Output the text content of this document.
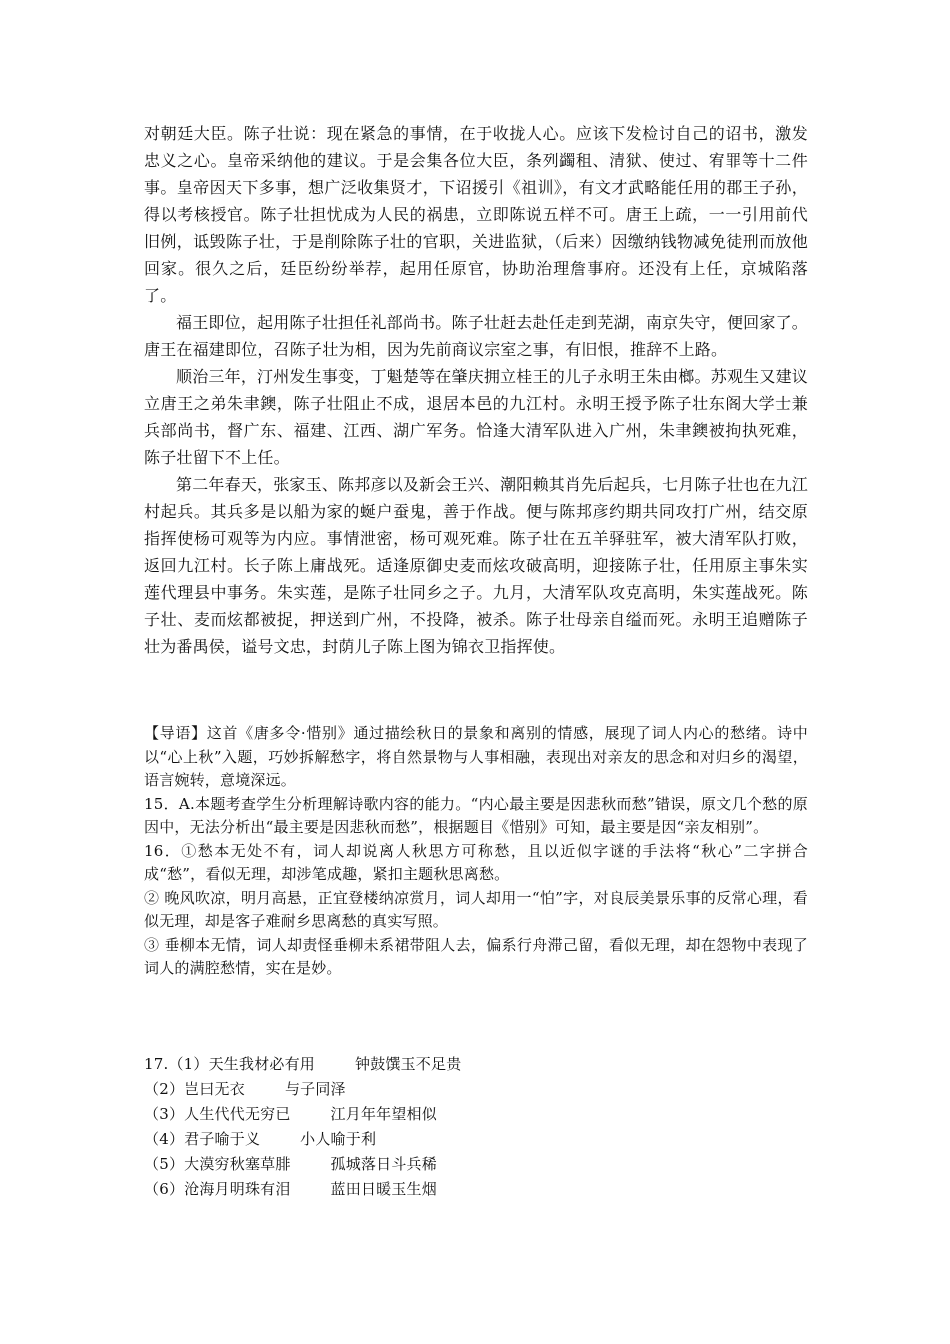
对朝廷大臣。陈子壮说：现在紧急的事情，在于收拢人心。应该下发检讨自己的诏书，激发忠义之心。皇帝采纳他的建议。于是会集各位大臣，条列蠲租、清狱、使过、宥罪等十二件事。皇帝因天下多事，想广泛收集贤才，下诏援引《祖训》，有文才武略能任用的郡王子孙，得以考核授官。陈子壮担忧成为人民的祸患，立即陈说五样不可。唐王上疏，一一引用前代旧例，诋毁陈子壮，于是削除陈子壮的官职，关进监狱，（后来）因缴纳钱物减免徒刑而放他回家。很久之后，廷臣纷纷举荐，起用任原官，协助治理詹事府。还没有上任，京城陷落了。

福王即位，起用陈子壮担任礼部尚书。陈子壮赶去赴任走到芜湖，南京失守，便回家了。唐王在福建即位，召陈子壮为相，因为先前商议宗室之事，有旧恨，推辞不上路。

顺治三年，汀州发生事变，丁魁楚等在肇庆拥立桂王的儿子永明王朱由榔。苏观生又建议立唐王之弟朱聿鐭，陈子壮阻止不成，退居本邑的九江村。永明王授予陈子壮东阁大学士兼兵部尚书，督广东、福建、江西、湖广军务。恰逢大清军队进入广州，朱聿鐭被拘执死难，陈子壮留下不上任。

第二年春天，张家玉、陈邦彦以及新会王兴、潮阳赖其肖先后起兵，七月陈子壮也在九江村起兵。其兵多是以船为家的蜒户蚕鬼，善于作战。便与陈邦彦约期共同攻打广州，结交原指挥使杨可观等为内应。事情泄密，杨可观死难。陈子壮在五羊驿驻军，被大清军队打败，返回九江村。长子陈上庸战死。适逢原御史麦而炫攻破高明，迎接陈子壮，任用原主事朱实莲代理县中事务。朱实莲，是陈子壮同乡之子。九月，大清军队攻克高明，朱实莲战死。陈子壮、麦而炫都被捉，押送到广州，不投降，被杀。陈子壮母亲自缢而死。永明王追赠陈子壮为番禺侯，谥号文忠，封荫儿子陈上图为锦衣卫指挥使。

【导语】这首《唐多令·惜别》通过描绘秋日的景象和离别的情感，展现了词人内心的愁绪。诗中以“心上秋”入题，巧妙拆解愁字，将自然景物与人事相融，表现出对亲友的思念和对归乡的渴望，语言婉转，意境深远。

15．A.本题考查学生分析理解诗歌内容的能力。“内心最主要是因悲秋而愁”错误，原文几个愁的原因中，无法分析出“最主要是因悲秋而愁”，根据题目《惜别》可知，最主要是因“亲友相别”。

16．①愁本无处不有，词人却说离人秋思方可称愁，且以近似字谜的手法将“秋心”二字拼合成“愁”，看似无理，却涉笔成趣，紧扣主题秋思离愁。

② 晚风吹凉，明月高悬，正宜登楼纳凉赏月，词人却用一“怕”字，对良辰美景乐事的反常心理，看似无理，却是客子难耐乡思离愁的真实写照。

③ 垂柳本无情，词人却责怪垂柳未系裙带阻人去，偏系行舟滞己留，看似无理，却在怨物中表现了词人的满腔愁情，实在是妙。

17.（1）天生我材必有用	钟鼓馔玉不足贵
（2）岂曰无衣	与子同泽
（3）人生代代无穷已	江月年年望相似
（4）君子喻于义	小人喻于利
（5）大漠穷秋塞草腓	孤城落日斗兵稀
（6）沧海月明珠有泪	蓝田日暖玉生烟
